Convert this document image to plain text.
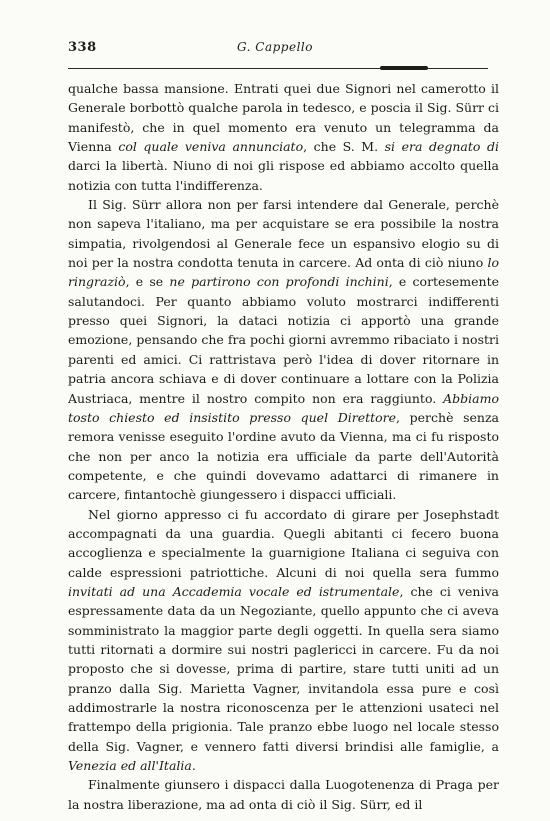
338	G. Cappello

qualche bassa mansione. Entrati quei due Signori nel camerotto il Generale borbottò qualche parola in tedesco, e poscia il Sig. Sürr ci manifestò, che in quel momento era venuto un telegramma da Vienna col quale veniva annunciato, che S. M. si era degnato di darci la libertà. Niuno di noi gli rispose ed abbiamo accolto quella notizia con tutta l'indifferenza.

Il Sig. Sürr allora non per farsi intendere dal Generale, perchè non sapeva l'italiano, ma per acquistare se era possibile la nostra simpatia, rivolgendosi al Generale fece un espansivo elogio su di noi per la nostra condotta tenuta in carcere. Ad onta di ciò niuno lo ringraziò, e se ne partirono con profondi inchini, e cortesemente salutandoci. Per quanto abbiamo voluto mostrarci indifferenti presso quei Signori, la dataci notizia ci apportò una grande emozione, pensando che fra pochi giorni avremmo ribaciato i nostri parenti ed amici. Ci rattristava però l'idea di dover ritornare in patria ancora schiava e di dover continuare a lottare con la Polizia Austriaca, mentre il nostro compito non era raggiunto. Abbiamo tosto chiesto ed insistito presso quel Direttore, perchè senza remora venisse eseguito l'ordine avuto da Vienna, ma ci fu risposto che non per anco la notizia era ufficiale da parte dell'Autorità competente, e che quindi dovevamo adattarci di rimanere in carcere, fintantochè giungessero i dispacci ufficiali.

Nel giorno appresso ci fu accordato di girare per Josephstadt accompagnati da una guardia. Quegli abitanti ci fecero buona accoglienza e specialmente la guarnigione Italiana ci seguiva con calde espressioni patriottiche. Alcuni di noi quella sera fummo invitati ad una Accademia vocale ed istrumentale, che ci veniva espressamente data da un Negoziante, quello appunto che ci aveva somministrato la maggior parte degli oggetti. In quella sera siamo tutti ritornati a dormire sui nostri paglericci in carcere. Fu da noi proposto che si dovesse, prima di partire, stare tutti uniti ad un pranzo dalla Sig. Marietta Vagner, invitandola essa pure e così addimostrarle la nostra riconoscenza per le attenzioni usateci nel frattempo della prigionia. Tale pranzo ebbe luogo nel locale stesso della Sig. Vagner, e vennero fatti diversi brindisi alle famiglie, a Venezia ed all'Italia.

Finalmente giunsero i dispacci dalla Luogotenenza di Praga per la nostra liberazione, ma ad onta di ciò il Sig. Sürr, ed il
